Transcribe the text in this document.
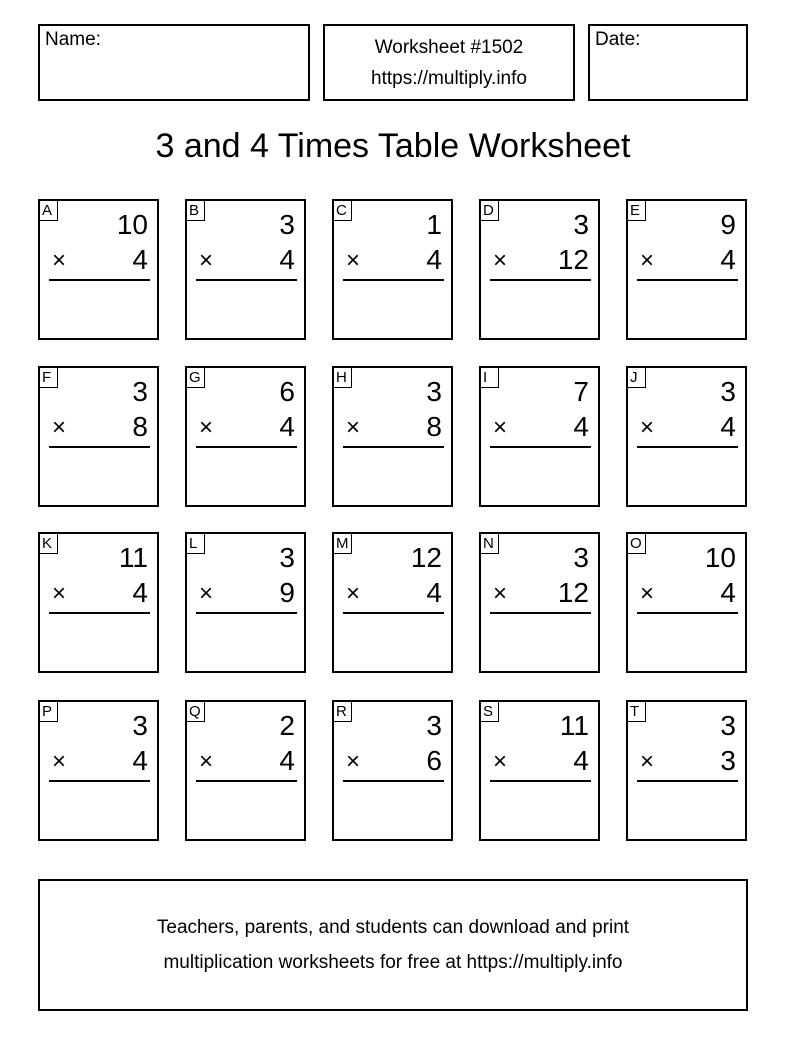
Name:	Worksheet #1502
https://multiply.info
Date:
3 and 4 Times Table Worksheet
A 10
× 4
B	3
× 4
C	1
× 4
D	3
× 12
E	9
× 4
F	3
× 8
G	6
× 4
H	3
× 8
I	7
× 4
J	3
× 4
K 11
× 4
L	3
× 9
M 12
× 4
N	3
× 12
O 10
× 4
P	3
× 4
Q	2
× 4
R	3
× 6
S 11
× 4
T	3
× 3
Teachers, parents, and students can download and print
multiplication worksheets for free at https://multiply.info
